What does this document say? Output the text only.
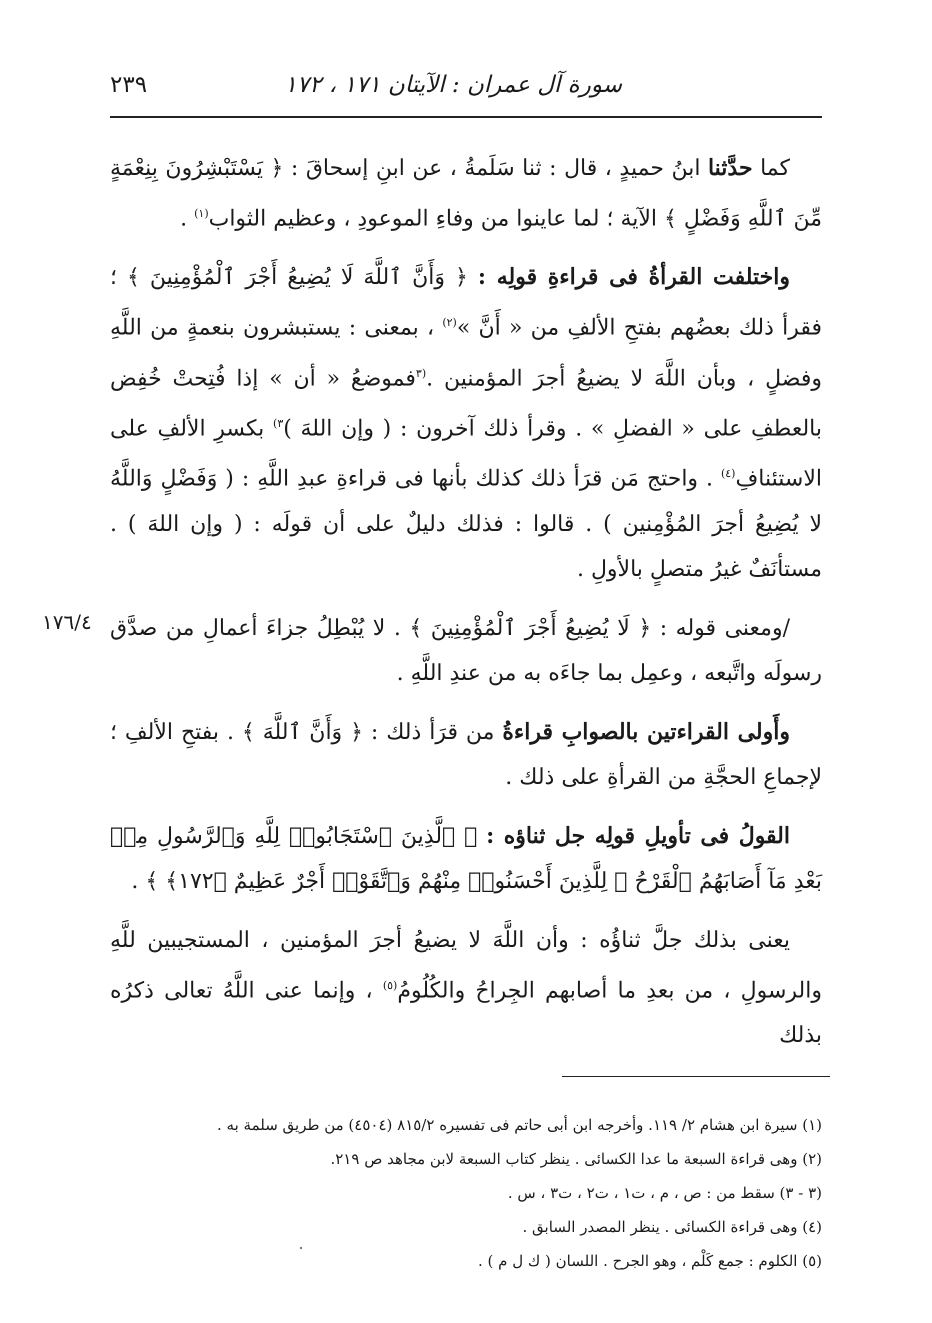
سورة آل عمران : الآيتان ١٧١ ، ١٧٢
٢٣٩
١٧٦/٤

كما حدَّثنا ابنُ حميدٍ ، قال : ثنا سَلَمةُ ، عن ابنِ إسحاقَ : ﴿ يَسْتَبْشِرُونَ بِنِعْمَةٍ مِّنَ ٱللَّهِ وَفَضْلٍ ﴾ الآية ؛ لما عاينوا من وفاءِ الموعودِ ، وعظيم الثواب$^{(١)}$ .

واختلفت القرأةُ فى قراءةِ قولِه : ﴿ وَأَنَّ ٱللَّهَ لَا يُضِيعُ أَجْرَ ٱلْمُؤْمِنِينَ ﴾ ؛ فقرأ ذلك بعضُهم بفتحِ الألفِ من « أَنَّ »$^{(٢)}$ ، بمعنى : يستبشرون بنعمةٍ من اللَّهِ وفضلٍ ، وبأن اللَّهَ لا يضيعُ أجرَ المؤمنين .$^{(٣}$فموضعُ « أن » إذا فُتِحتْ خُفِض بالعطفِ على « الفضلِ » . وقرأ ذلك آخرون : ( وإن اللهَ )$^{٣)}$ بكسرِ الألفِ على الاستئنافِ$^{(٤)}$ . واحتج مَن قرَأ ذلك كذلك بأنها فى قراءةِ عبدِ اللَّهِ : ( وَفَضْلٍ وَاللَّهُ لا يُضِيعُ أجرَ المُؤْمِنين ) . قالوا : فذلك دليلٌ على أن قولَه : ( وإن اللهَ ) . مستأنَفٌ غيرُ متصلٍ بالأولِ .

/ومعنى قوله : ﴿ لَا يُضِيعُ أَجْرَ ٱلْمُؤْمِنِينَ ﴾ . لا يُبْطِلُ جزاءَ أعمالِ من صدَّق رسولَه واتَّبعه ، وعمِل بما جاءَه به من عندِ اللَّهِ .

وأَولى القراءتين بالصوابِ قراءةُ من قرَأ ذلك : ﴿ وَأَنَّ ٱللَّهَ ﴾ . بفتحِ الألفِ ؛ لإجماعِ الحجَّةِ من القرأةِ على ذلك .

القولُ فى تأويلِ قولِه جل ثناؤه : ﴿ ٱلَّذِينَ ٱسْتَجَابُوا۟ لِلَّهِ وَٱلرَّسُولِ مِنۢ بَعْدِ مَآ أَصَابَهُمُ ٱلْقَرْحُ ۚ لِلَّذِينَ أَحْسَنُوا۟ مِنْهُمْ وَٱتَّقَوْا۟ أَجْرٌ عَظِيمٌ ﴿١٧٢﴾ ﴾ .

يعنى بذلك جلَّ ثناؤُه : وأن اللَّهَ لا يضيعُ أجرَ المؤمنين ، المستجيبين للَّهِ والرسولِ ، من بعدِ ما أصابهم الجِراحُ والكُلُومُ$^{(٥)}$ ، وإنما عنى اللَّهُ تعالى ذكرُه بذلك

(١) سيرة ابن هشام ٢/ ١١٩. وأخرجه ابن أبى حاتم فى تفسيره ٨١٥/٢ (٤٥٠٤) من طريق سلمة به .
(٢) وهى قراءة السبعة ما عدا الكسائى . ينظر كتاب السبعة لابن مجاهد ص ٢١٩.
(٣ - ٣) سقط من : ص ، م ، ت١ ، ت٢ ، ت٣ ، س .
(٤) وهى قراءة الكسائى . ينظر المصدر السابق .
(٥) الكلوم : جمع كَلْم ، وهو الجرح . اللسان ( ك ل م ) .
